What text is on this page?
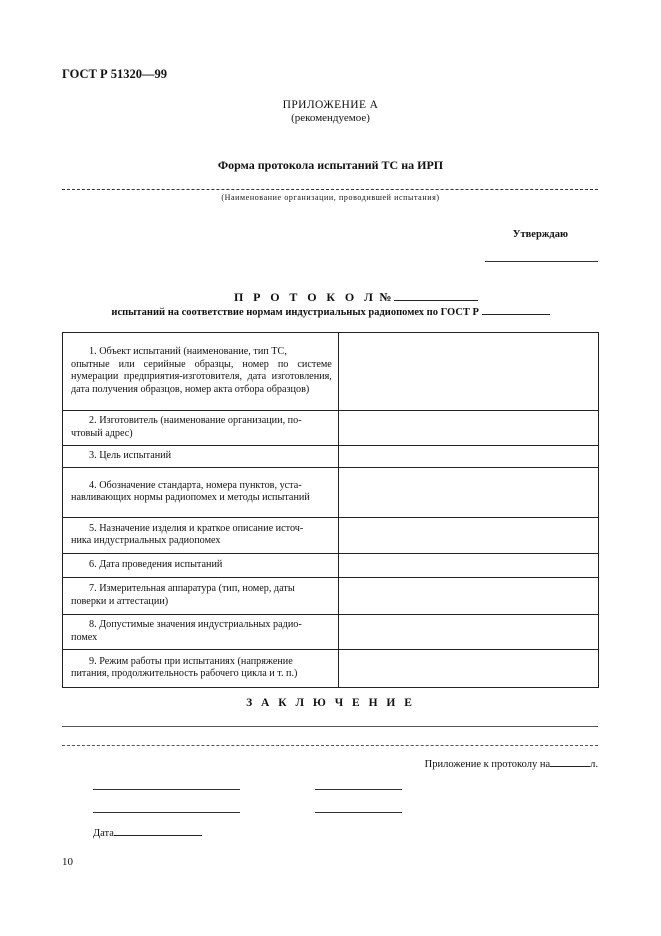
ГОСТ Р 51320—99
ПРИЛОЖЕНИЕ А
(рекомендуемое)
Форма протокола испытаний ТС на ИРП
(Наименование организации, проводившей испытания)
Утверждаю
П Р О Т О К О Л №
испытаний на соответствие нормам индустриальных радиопомех по ГОСТ Р
1. Объект испытаний (наименование, тип ТС,
опытные или серийные образцы, номер по системе нумерации предприятия-изготовителя, дата изготовления, дата получения образцов, номер акта отбора образцов)	

2. Изготовитель (наименование организации, по-
чтовый адрес)	

3. Цель испытаний	

4. Обозначение стандарта, номера пунктов, уста-
навливающих нормы радиопомех и методы испытаний	

5. Назначение изделия и краткое описание источ-
ника индустриальных радиопомех	

6. Дата проведения испытаний	

7. Измерительная аппаратура (тип, номер, даты
поверки и аттестации)	

8. Допустимые значения индустриальных радио-
помех	

9. Режим работы при испытаниях (напряжение
питания, продолжительность рабочего цикла и т. п.)	

З А К Л Ю Ч Е Н И Е
Приложение к протоколу на	л.
Дата
10
